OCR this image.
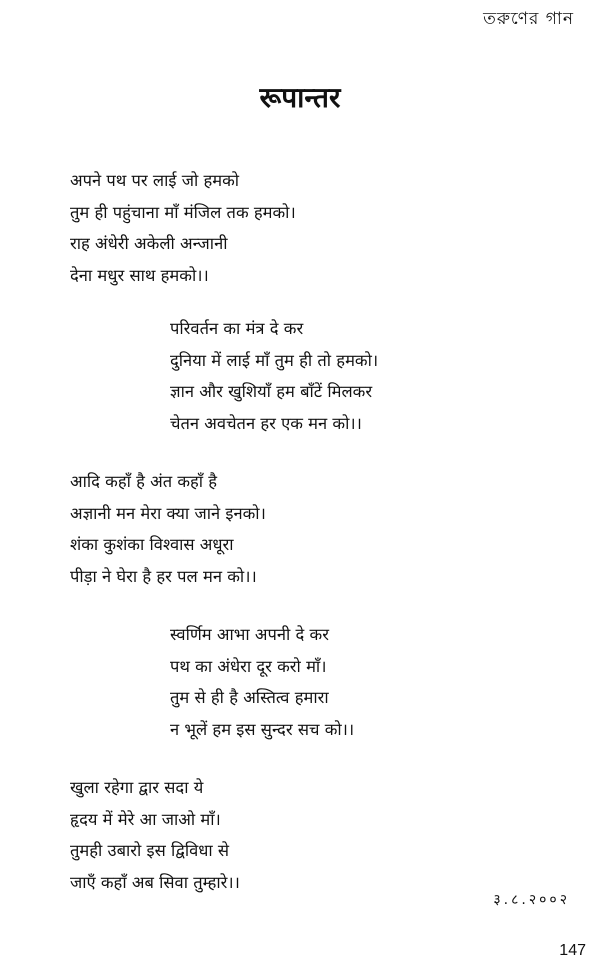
তরুণের গান
रूपान्तर
अपने पथ पर लाई जो हमको
तुम ही पहुंचाना माँ मंजिल तक हमको।
राह अंधेरी अकेली अन्जानी
देना मधुर साथ हमको।।
परिवर्तन का मंत्र दे कर
दुनिया में लाई माँ तुम ही तो हमको।
ज्ञान और खुशियाँ हम बाँटें मिलकर
चेतन अवचेतन हर एक मन को।।
आदि कहाँ है अंत कहाँ है
अज्ञानी मन मेरा क्या जाने इनको।
शंका कुशंका विश्वास अधूरा
पीड़ा ने घेरा है हर पल मन को।।
स्वर्णिम आभा अपनी दे कर
पथ का अंधेरा दूर करो माँ।
तुम से ही है अस्तित्व हमारा
न भूलें हम इस सुन्दर सच को।।
खुला रहेगा द्वार सदा ये
हृदय में मेरे आ जाओ माँ।
तुमही उबारो इस द्विविधा से
जाएँ कहाँ अब सिवा तुम्हारे।।
३.८.२००२
147
